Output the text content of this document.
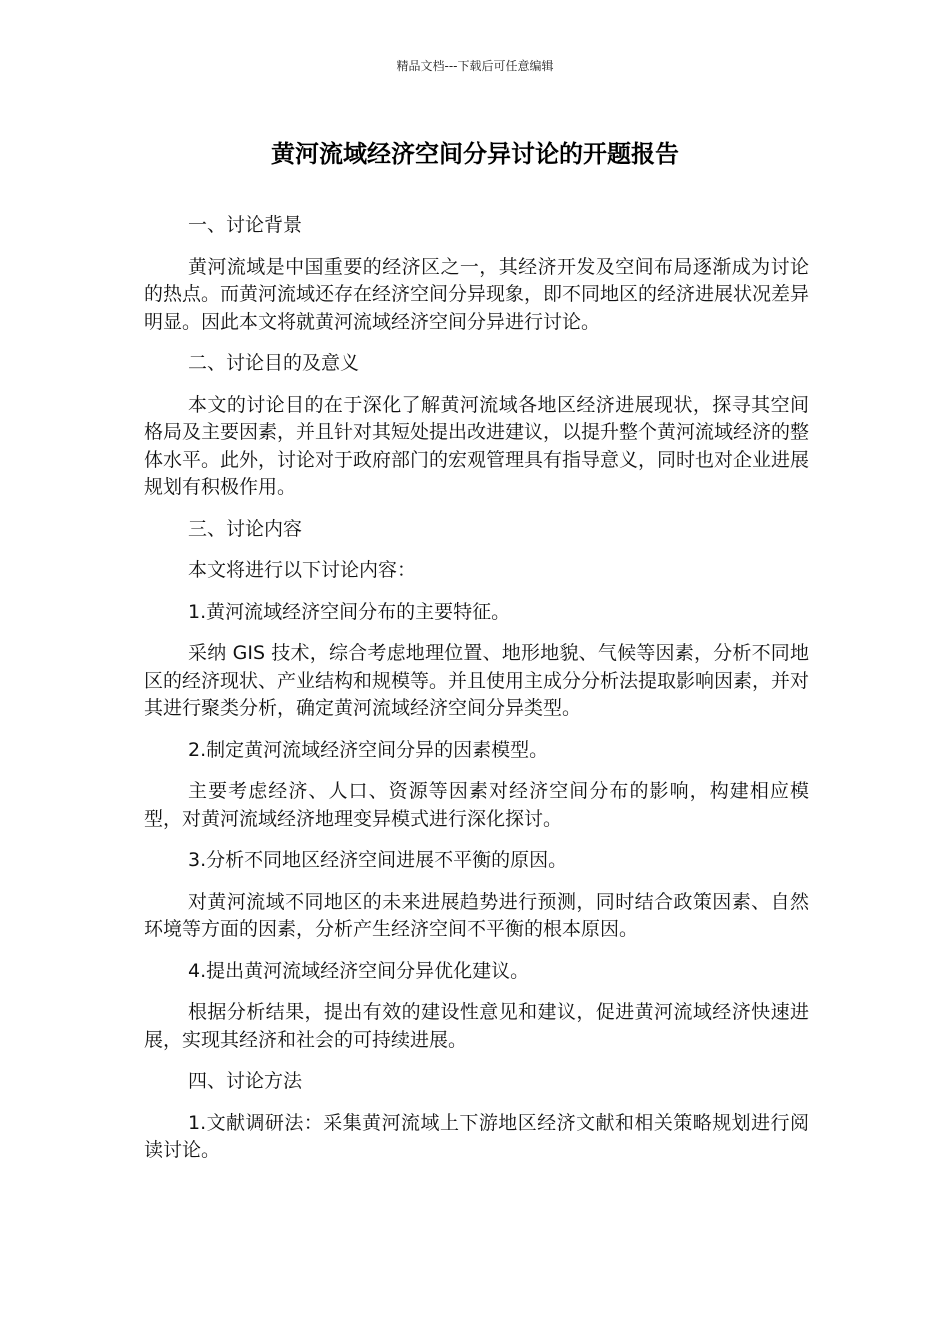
精品文档---下载后可任意编辑
黄河流域经济空间分异讨论的开题报告

一、讨论背景

黄河流域是中国重要的经济区之一，其经济开发及空间布局逐渐成为讨论的热点。而黄河流域还存在经济空间分异现象，即不同地区的经济进展状况差异明显。因此本文将就黄河流域经济空间分异进行讨论。

二、讨论目的及意义

本文的讨论目的在于深化了解黄河流域各地区经济进展现状，探寻其空间格局及主要因素，并且针对其短处提出改进建议，以提升整个黄河流域经济的整体水平。此外，讨论对于政府部门的宏观管理具有指导意义，同时也对企业进展规划有积极作用。

三、讨论内容

本文将进行以下讨论内容：

1.黄河流域经济空间分布的主要特征。

采纳 GIS 技术，综合考虑地理位置、地形地貌、气候等因素，分析不同地区的经济现状、产业结构和规模等。并且使用主成分分析法提取影响因素，并对其进行聚类分析，确定黄河流域经济空间分异类型。

2.制定黄河流域经济空间分异的因素模型。

主要考虑经济、人口、资源等因素对经济空间分布的影响，构建相应模型，对黄河流域经济地理变异模式进行深化探讨。

3.分析不同地区经济空间进展不平衡的原因。

对黄河流域不同地区的未来进展趋势进行预测，同时结合政策因素、自然环境等方面的因素，分析产生经济空间不平衡的根本原因。

4.提出黄河流域经济空间分异优化建议。

根据分析结果，提出有效的建设性意见和建议，促进黄河流域经济快速进展，实现其经济和社会的可持续进展。

四、讨论方法

1.文献调研法：采集黄河流域上下游地区经济文献和相关策略规划进行阅读讨论。
